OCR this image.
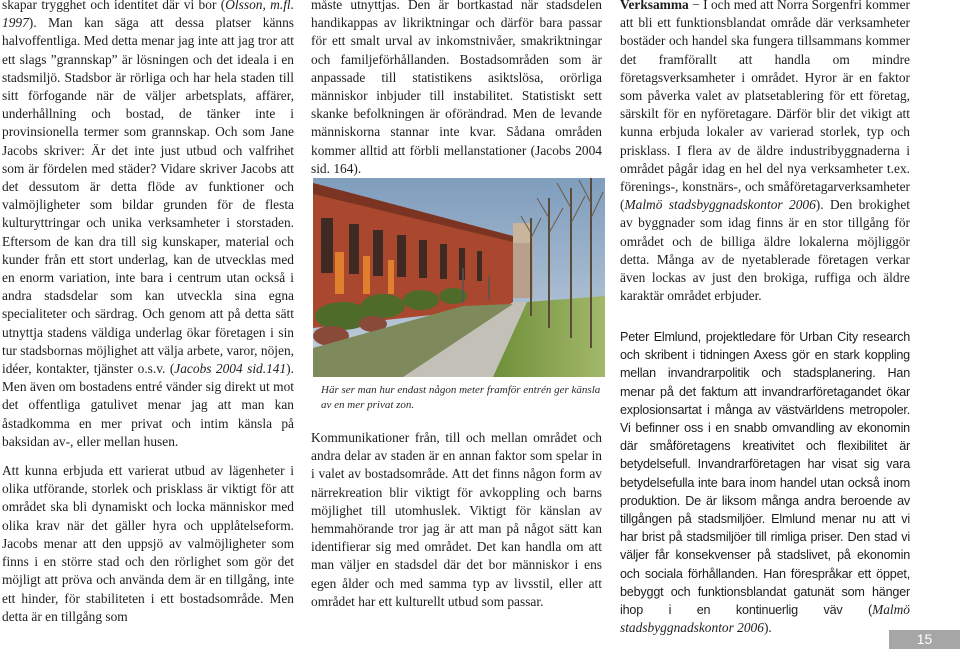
skapar trygghet och identitet där vi bor (Olsson, m.fl. 1997). Man kan säga att dessa platser känns halvoffentliga. Med detta menar jag inte att jag tror att ett slags ”grannskap” är lösningen och det ideala i en stadsmiljö. Stadsbor är rörliga och har hela staden till sitt förfogande när de väljer arbetsplats, affärer, underhållning och bostad, de tänker inte i provinsionella termer som grannskap. Och som Jane Jacobs skriver: Är det inte just utbud och valfrihet som är fördelen med städer? Vidare skriver Jacobs att det dessutom är detta flöde av funktioner och valmöjligheter som bildar grunden för de flesta kulturyttringar och unika verksamheter i storstaden. Eftersom de kan dra till sig kunskaper, material och kunder från ett stort underlag, kan de utvecklas med en enorm variation, inte bara i centrum utan också i andra stadsdelar som kan utveckla sina egna specialiteter och särdrag. Och genom att på detta sätt utnyttja stadens väldiga underlag ökar företagen i sin tur stadsbornas möjlighet att välja arbete, varor, nöjen, idéer, kontakter, tjänster o.s.v. (Jacobs 2004 sid.141). Men även om bostadens entré vänder sig direkt ut mot det offentliga gatulivet menar jag att man kan åstadkomma en mer privat och intim känsla på baksidan av-, eller mellan husen.

Att kunna erbjuda ett varierat utbud av lägenheter i olika utförande, storlek och prisklass är viktigt för att området ska bli dynamiskt och locka människor med olika krav när det gäller hyra och upplåtelseform. Jacobs menar att den uppsjö av valmöjligheter som finns i en större stad och den rörlighet som gör det möjligt att pröva och använda dem är en tillgång, inte ett hinder, för stabiliteten i ett bostadsområde. Men detta är en tillgång som

måste utnyttjas. Den är bortkastad när stadsdelen handikappas av likriktningar och därför bara passar för ett smalt urval av inkomstnivåer, smakriktningar och familjeförhållanden. Bostadsområden som är anpassade till statistikens asiktslösa, orörliga människor inbjuder till instabilitet. Statistiskt sett skanke befolkningen är oförändrad. Men de levande människorna stannar inte kvar. Sådana områden kommer alltid att förbli mellanstationer (Jacobs 2004 sid. 164).

Här ser man hur endast någon meter framför entrén ger känsla av en mer privat zon.

Kommunikationer från, till och mellan området och andra delar av staden är en annan faktor som spelar in i valet av bostadsområde. Att det finns någon form av närrekreation blir viktigt för avkoppling och barns möjlighet till utomhuslek. Viktigt för känslan av hemmahörande tror jag är att man på något sätt kan identifierar sig med området. Det kan handla om att man väljer en stadsdel där det bor människor i ens egen ålder och med samma typ av livsstil, eller att området har ett kulturellt utbud som passar.

Verksamma − I och med att Norra Sorgenfri kommer att bli ett funktionsblandat område där verksamheter bostäder och handel ska fungera tillsammans kommer det framförallt att handla om mindre företagsverksamheter i området. Hyror är en faktor som påverka valet av platsetablering för ett företag, särskilt för en nyföretagare. Därför blir det vikigt att kunna erbjuda lokaler av varierad storlek, typ och prisklass. I flera av de äldre industribyggnaderna i området pågår idag en hel del nya verksamheter t.ex. förenings-, konstnärs-, och småföretagarverksamheter (Malmö stadsbyggnadskontor 2006). Den brokighet av byggnader som idag finns är en stor tillgång för området och de billiga äldre lokalerna möjliggör detta. Många av de nyetablerade företagen verkar även lockas av just den brokiga, ruffiga och äldre karaktär området erbjuder.

Peter Elmlund, projektledare för Urban City research och skribent i tidningen Axess gör en stark koppling mellan invandrarpolitik och stadsplanering. Han menar på det faktum att invandrarföretagandet ökar explosionsartat i många av västvärldens metropoler. Vi befinner oss i en snabb omvandling av ekonomin där småföretagens kreativitet och flexibilitet är betydelsefull. Invandrarföretagen har visat sig vara betydelsefulla inte bara inom handel utan också inom produktion. De är liksom många andra beroende av tillgången på stadsmiljöer. Elmlund menar nu att vi har brist på stadsmiljöer till rimliga priser. Den stad vi väljer får konsekvenser på stadslivet, på ekonomin och sociala förhållanden. Han förespråkar ett öppet, bebyggt och funktionsblandat gatunät som hänger ihop i en kontinuerlig väv (Malmö stadsbyggnadskontor 2006).

15
